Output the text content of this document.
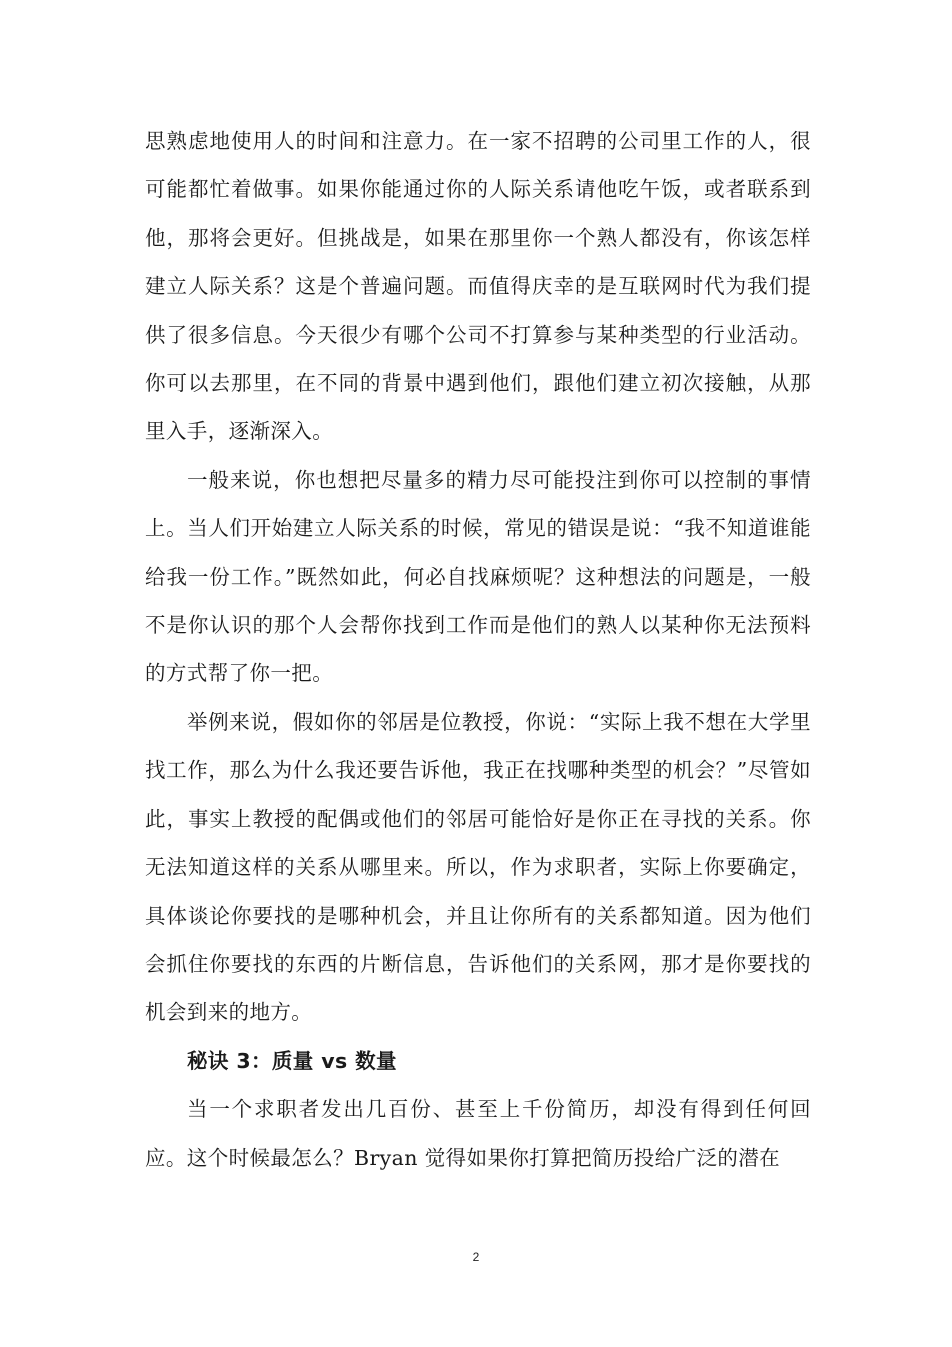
思熟虑地使用人的时间和注意力。在一家不招聘的公司里工作的人，很可能都忙着做事。如果你能通过你的人际关系请他吃午饭，或者联系到他，那将会更好。但挑战是，如果在那里你一个熟人都没有，你该怎样建立人际关系？这是个普遍问题。而值得庆幸的是互联网时代为我们提供了很多信息。今天很少有哪个公司不打算参与某种类型的行业活动。你可以去那里，在不同的背景中遇到他们，跟他们建立初次接触，从那里入手，逐渐深入。

一般来说，你也想把尽量多的精力尽可能投注到你可以控制的事情上。当人们开始建立人际关系的时候，常见的错误是说：“我不知道谁能给我一份工作。”既然如此，何必自找麻烦呢？这种想法的问题是，一般不是你认识的那个人会帮你找到工作而是他们的熟人以某种你无法预料的方式帮了你一把。

举例来说，假如你的邻居是位教授，你说：“实际上我不想在大学里找工作，那么为什么我还要告诉他，我正在找哪种类型的机会？”尽管如此，事实上教授的配偶或他们的邻居可能恰好是你正在寻找的关系。你无法知道这样的关系从哪里来。所以，作为求职者，实际上你要确定，具体谈论你要找的是哪种机会，并且让你所有的关系都知道。因为他们会抓住你要找的东西的片断信息，告诉他们的关系网，那才是你要找的机会到来的地方。

秘诀 3：质量 vs 数量

当一个求职者发出几百份、甚至上千份简历，却没有得到任何回应。这个时候最怎么？Bryan 觉得如果你打算把简历投给广泛的潜在

2
